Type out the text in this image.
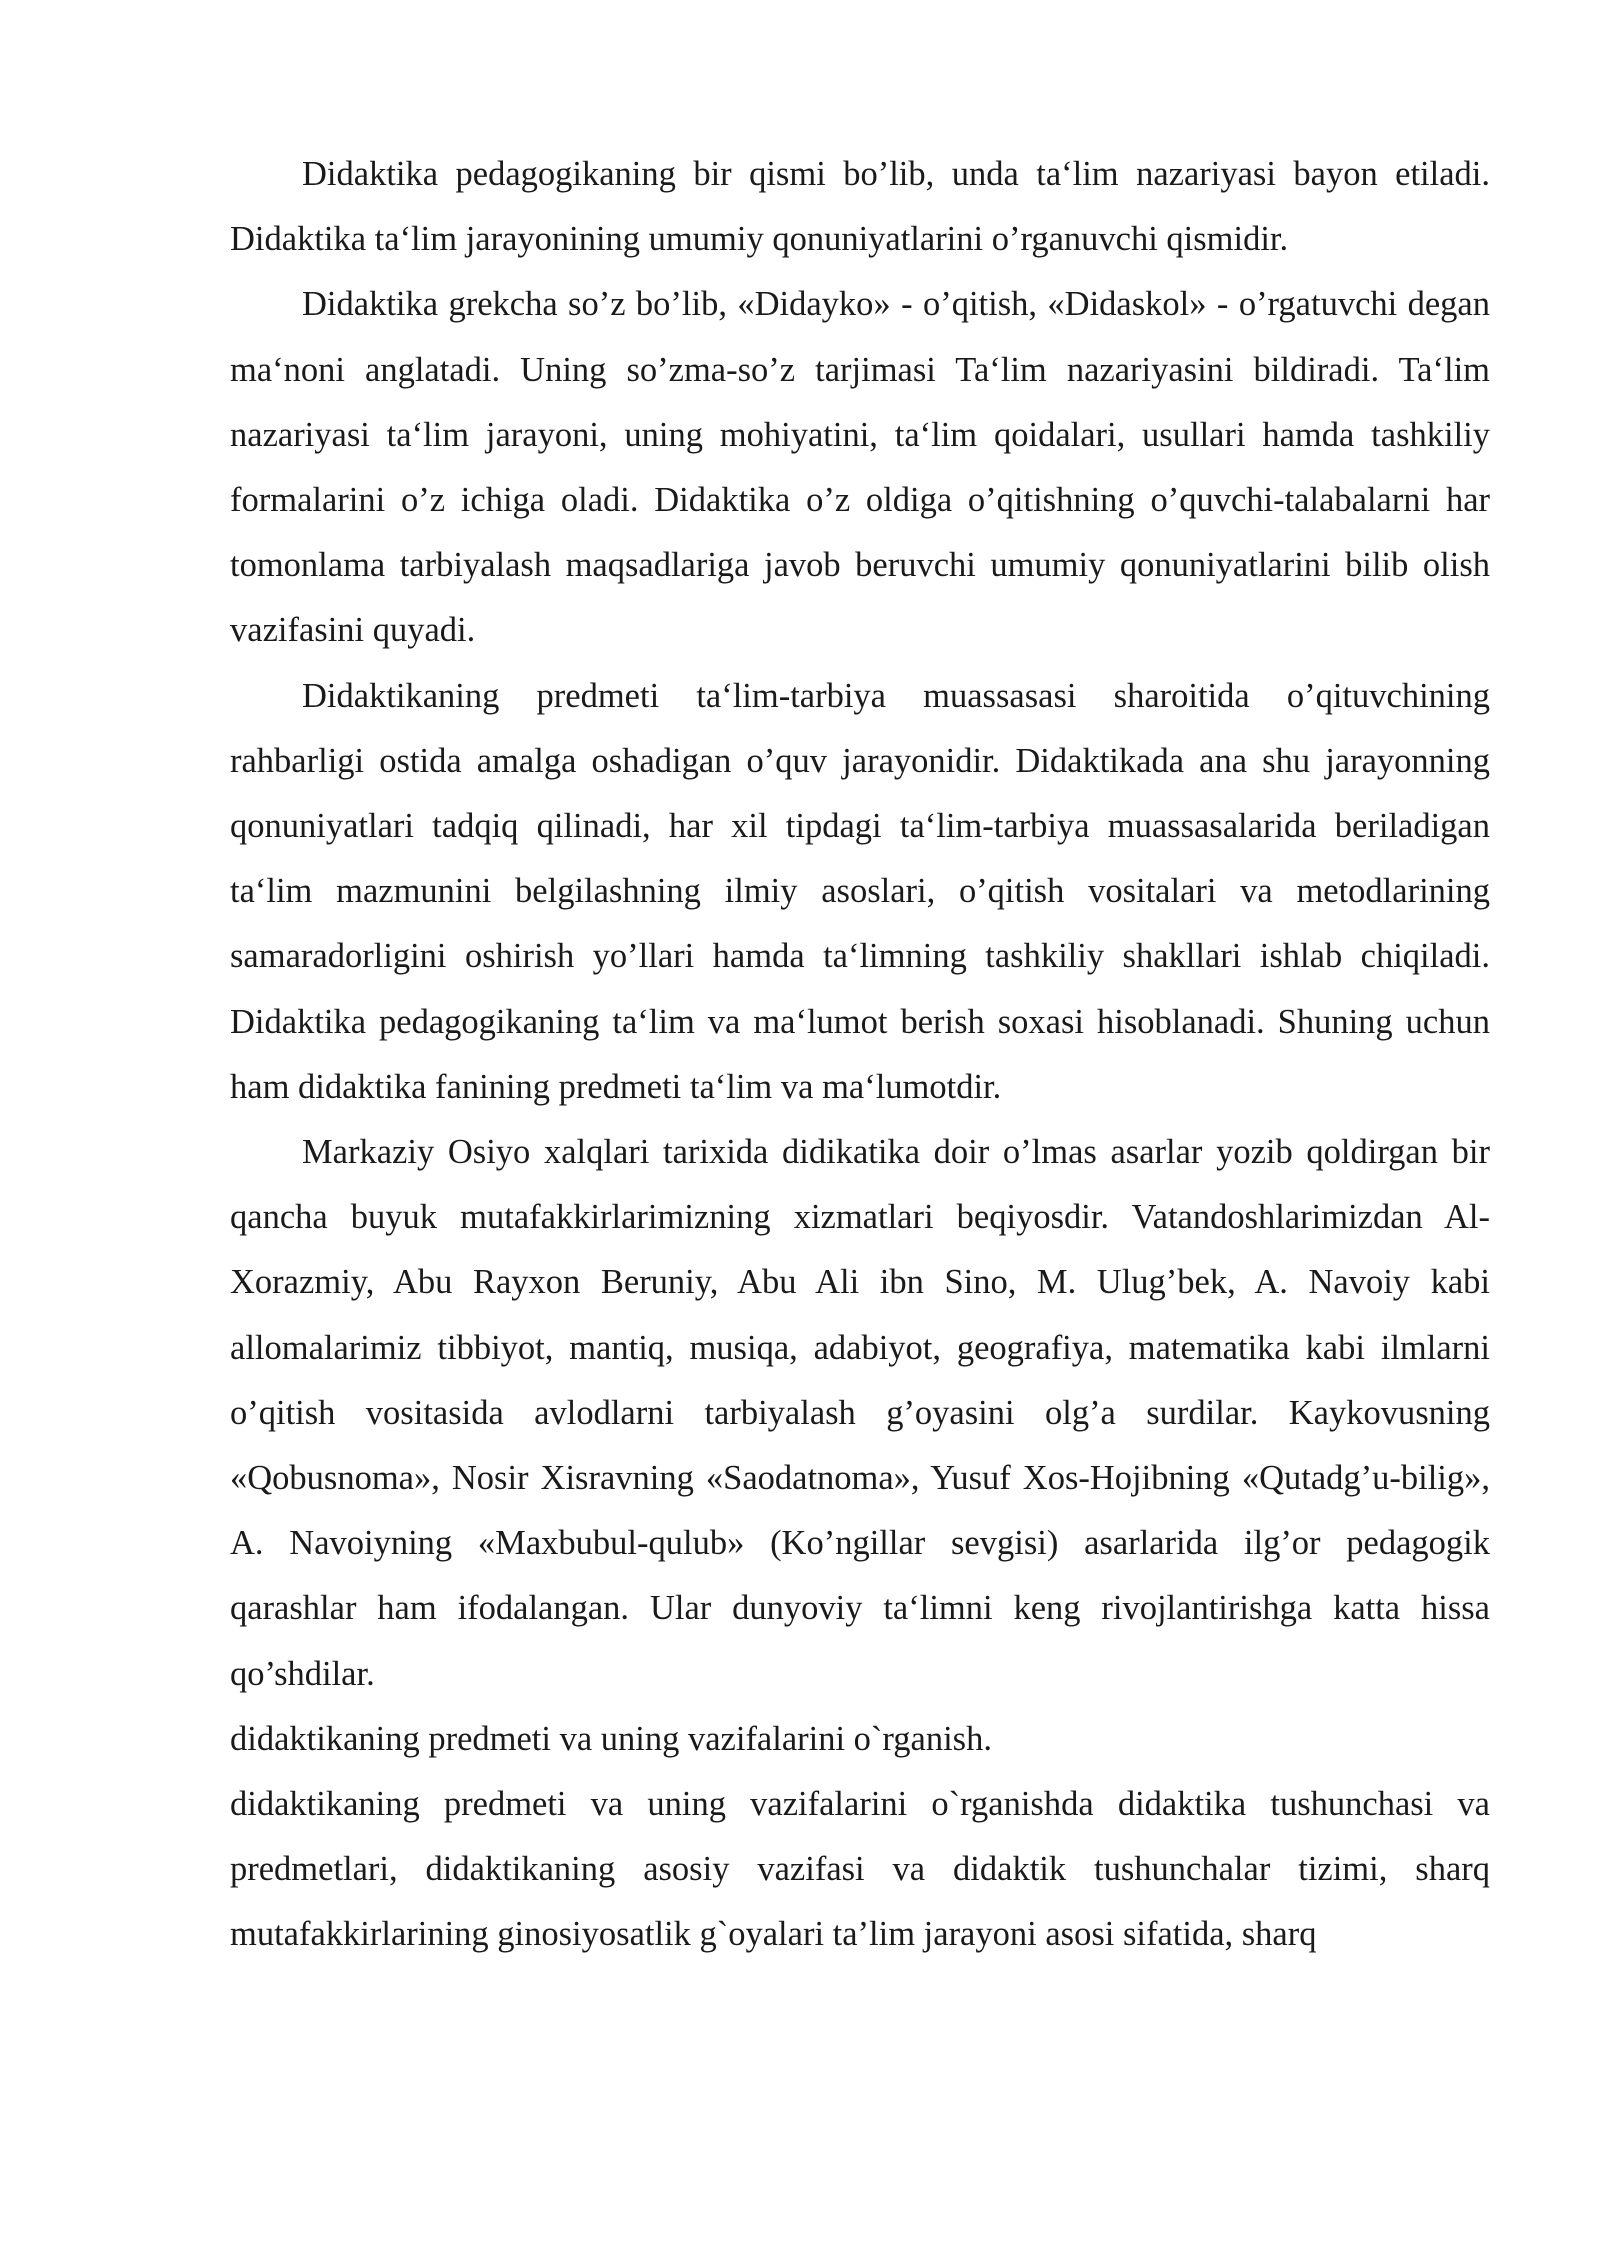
Didaktika pedagogikaning bir qismi bo’lib, unda ta‘lim nazariyasi bayon etiladi. Didaktika ta‘lim jarayonining umumiy qonuniyatlarini o’rganuvchi qismidir.

Didaktika grekcha so’z bo’lib, «Didayko» - o’qitish, «Didaskol» - o’rgatuvchi degan ma‘noni anglatadi. Uning so’zma-so’z tarjimasi Ta‘lim nazariyasini bildiradi. Ta‘lim nazariyasi ta‘lim jarayoni, uning mohiyatini, ta‘lim qoidalari, usullari hamda tashkiliy formalarini o’z ichiga oladi. Didaktika o’z oldiga o’qitishning o’quvchi-talabalarni har tomonlama tarbiyalash maqsadlariga javob beruvchi umumiy qonuniyatlarini bilib olish vazifasini quyadi.

Didaktikaning predmeti ta‘lim-tarbiya muassasasi sharoitida o’qituvchining rahbarligi ostida amalga oshadigan o’quv jarayonidir. Didaktikada ana shu jarayonning qonuniyatlari tadqiq qilinadi, har xil tipdagi ta‘lim-tarbiya muassasalarida beriladigan ta‘lim mazmunini belgilashning ilmiy asoslari, o’qitish vositalari va metodlarining samaradorligini oshirish yo’llari hamda ta‘limning tashkiliy shakllari ishlab chiqiladi. Didaktika pedagogikaning ta‘lim va ma‘lumot berish soxasi hisoblanadi. Shuning uchun ham didaktika fanining predmeti ta‘lim va ma‘lumotdir.

Markaziy Osiyo xalqlari tarixida didikatika doir o’lmas asarlar yozib qoldirgan bir qancha buyuk mutafakkirlarimizning xizmatlari beqiyosdir. Vatandoshlarimizdan Al-Xorazmiy, Abu Rayxon Beruniy, Abu Ali ibn Sino, M. Ulug’bek, A. Navoiy kabi allomalarimiz tibbiyot, mantiq, musiqa, adabiyot, geografiya, matematika kabi ilmlarni o’qitish vositasida avlodlarni tarbiyalash g’oyasini olg’a surdilar. Kaykovusning «Qobusnoma», Nosir Xisravning «Saodatnoma», Yusuf Xos-Hojibning «Qutadg’u-bilig», A. Navoiyning «Maxbubul-qulub» (Ko’ngillar sevgisi) asarlarida ilg’or pedagogik qarashlar ham ifodalangan. Ular dunyoviy ta‘limni keng rivojlantirishga katta hissa qo’shdilar.

didaktikaning predmeti va uning vazifalarini o`rganish.

didaktikaning predmeti va uning vazifalarini o`rganishda didaktika tushunchasi va predmetlari, didaktikaning asosiy vazifasi va didaktik tushunchalar tizimi, sharq mutafakkirlarining ginosiyosatlik g`oyalari ta’lim jarayoni asosi sifatida, sharq
